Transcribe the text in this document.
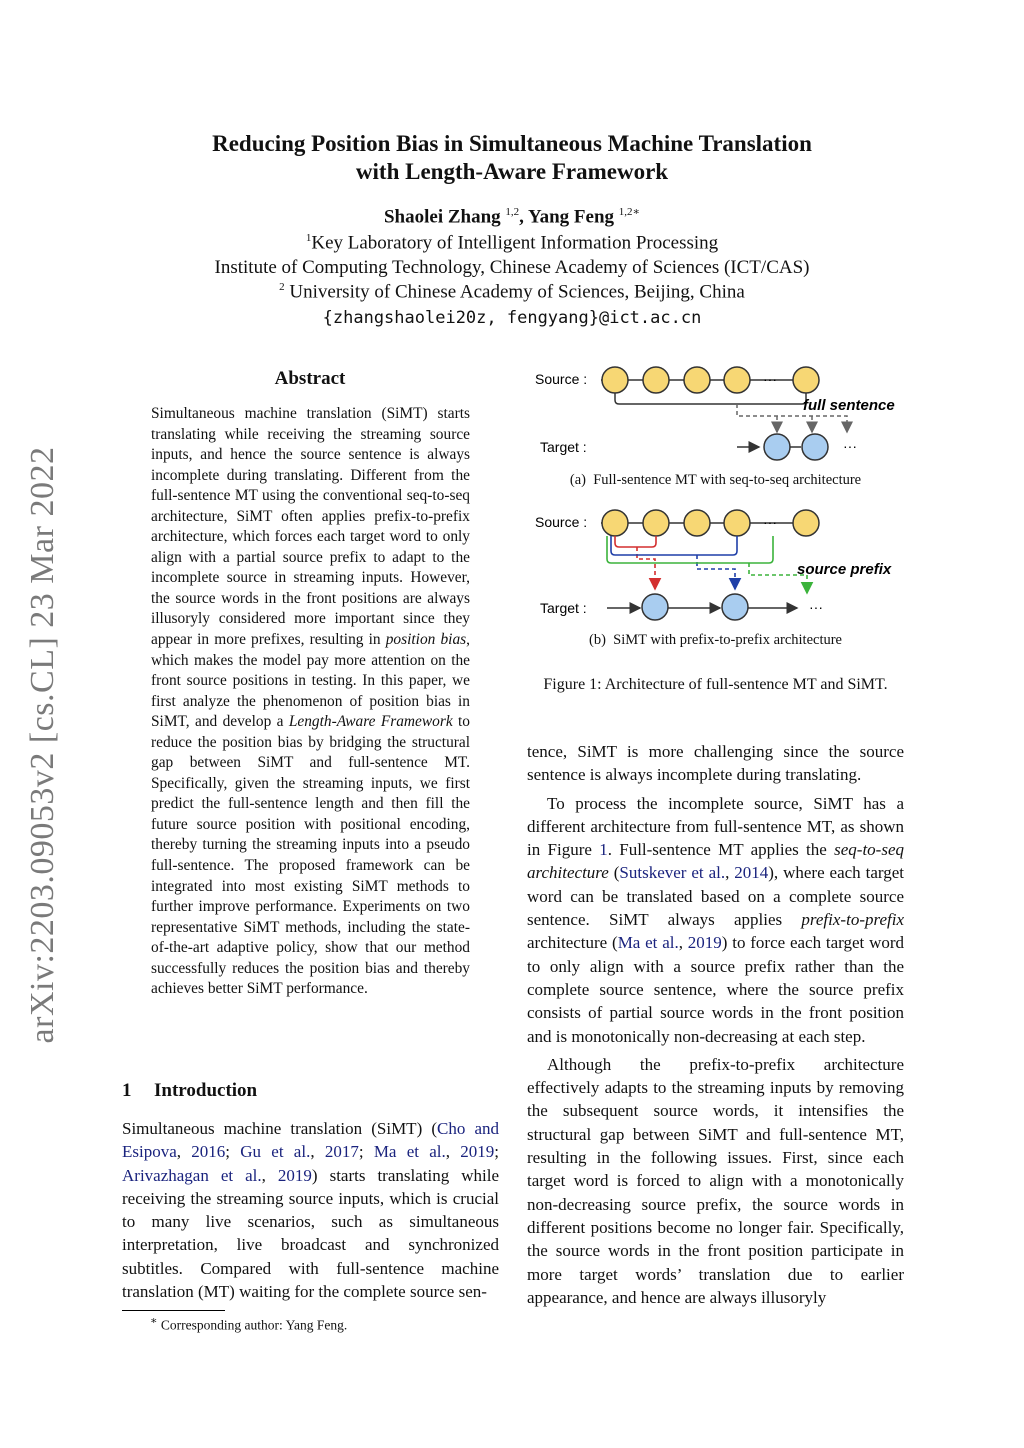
Reducing Position Bias in Simultaneous Machine Translation
with Length-Aware Framework
Shaolei Zhang $^{1,2}$, Yang Feng $^{1,2∗}$
$^1$Key Laboratory of Intelligent Information Processing
Institute of Computing Technology, Chinese Academy of Sciences (ICT/CAS)
$^2$ University of Chinese Academy of Sciences, Beijing, China
{zhangshaolei20z, fengyang}@ict.ac.cn
arXiv:2203.09053v2 [cs.CL] 23 Mar 2022
Abstract
Simultaneous machine translation (SiMT) starts translating while receiving the streaming source inputs, and hence the source sentence is always incomplete during translating. Different from the full-sentence MT using the conventional seq-to-seq architecture, SiMT often applies prefix-to-prefix architecture, which forces each target word to only align with a partial source prefix to adapt to the incomplete source in streaming inputs. However, the source words in the front positions are always illusoryly considered more important since they appear in more prefixes, resulting in position bias, which makes the model pay more attention on the front source positions in testing. In this paper, we first analyze the phenomenon of position bias in SiMT, and develop a Length-Aware Framework to reduce the position bias by bridging the structural gap between SiMT and full-sentence MT. Specifically, given the streaming inputs, we first predict the full-sentence length and then fill the future source position with positional encoding, thereby turning the streaming inputs into a pseudo full-sentence. The proposed framework can be integrated into most existing SiMT methods to further improve performance. Experiments on two representative SiMT methods, including the state-of-the-art adaptive policy, show that our method successfully reduces the position bias and thereby achieves better SiMT performance.
1 Introduction
Simultaneous machine translation (SiMT) (Cho and Esipova, 2016; Gu et al., 2017; Ma et al., 2019; Arivazhagan et al., 2019) starts translating while receiving the streaming source inputs, which is crucial to many live scenarios, such as simultaneous interpretation, live broadcast and synchronized subtitles. Compared with full-sentence machine translation (MT) waiting for the complete source sen-
∗ Corresponding author: Yang Feng.
Source :	···
full sentence
Target :	···
(a) Full-sentence MT with seq-to-seq architecture
Source :	···
source prefix
Target :	···
(b) SiMT with prefix-to-prefix architecture
Figure 1: Architecture of full-sentence MT and SiMT.

tence, SiMT is more challenging since the source sentence is always incomplete during translating.

To process the incomplete source, SiMT has a different architecture from full-sentence MT, as shown in Figure 1. Full-sentence MT applies the seq-to-seq architecture (Sutskever et al., 2014), where each target word can be translated based on a complete source sentence. SiMT always applies prefix-to-prefix architecture (Ma et al., 2019) to force each target word to only align with a source prefix rather than the complete source sentence, where the source prefix consists of partial source words in the front position and is monotonically non-decreasing at each step.

Although the prefix-to-prefix architecture effectively adapts to the streaming inputs by removing the subsequent source words, it intensifies the structural gap between SiMT and full-sentence MT, resulting in the following issues. First, since each target word is forced to align with a monotonically non-decreasing source prefix, the source words in different positions become no longer fair. Specifically, the source words in the front position participate in more target words’ translation due to earlier appearance, and hence are always illusoryly
